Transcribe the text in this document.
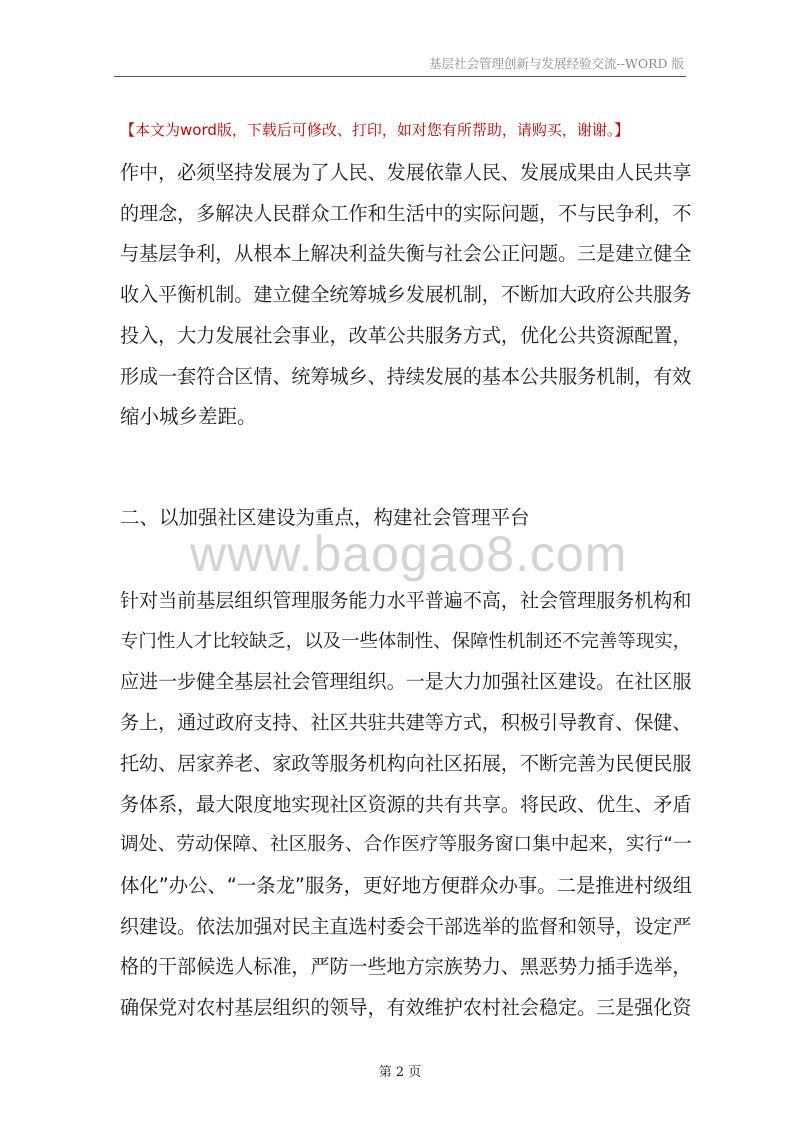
基层社会管理创新与发展经验交流--WORD 版
【本文为word版，下载后可修改、打印，如对您有所帮助，请购买，谢谢。】
作中，必须坚持发展为了人民、发展依靠人民、发展成果由人民共享
的理念，多解决人民群众工作和生活中的实际问题，不与民争利，不
与基层争利，从根本上解决利益失衡与社会公正问题。三是建立健全
收入平衡机制。建立健全统筹城乡发展机制，不断加大政府公共服务
投入，大力发展社会事业，改革公共服务方式，优化公共资源配置，
形成一套符合区情、统筹城乡、持续发展的基本公共服务机制，有效
缩小城乡差距。
二、以加强社区建设为重点，构建社会管理平台
www.baogao8.com
针对当前基层组织管理服务能力水平普遍不高，社会管理服务机构和
专门性人才比较缺乏，以及一些体制性、保障性机制还不完善等现实，
应进一步健全基层社会管理组织。一是大力加强社区建设。在社区服
务上，通过政府支持、社区共驻共建等方式，积极引导教育、保健、
托幼、居家养老、家政等服务机构向社区拓展，不断完善为民便民服
务体系，最大限度地实现社区资源的共有共享。将民政、优生、矛盾
调处、劳动保障、社区服务、合作医疗等服务窗口集中起来，实行“一
体化”办公、“一条龙”服务，更好地方便群众办事。二是推进村级组
织建设。依法加强对民主直选村委会干部选举的监督和领导，设定严
格的干部候选人标准，严防一些地方宗族势力、黑恶势力插手选举，
确保党对农村基层组织的领导，有效维护农村社会稳定。三是强化资
第 2 页
